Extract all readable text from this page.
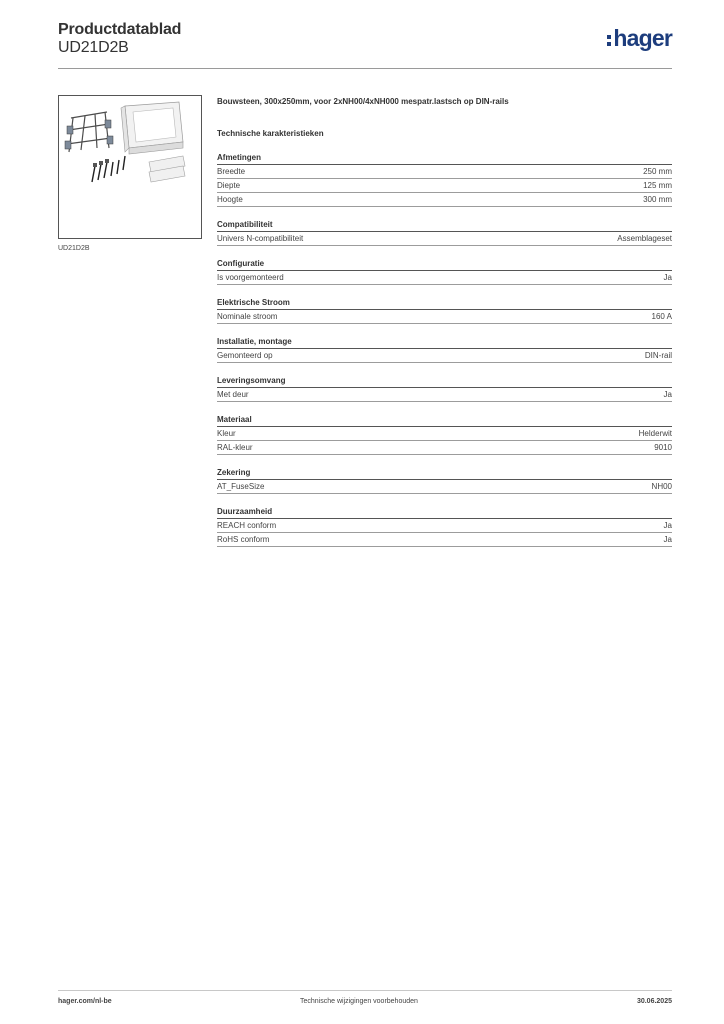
Productdatablad
UD21D2B	hager
UD21D2B
Bouwsteen, 300x250mm, voor 2xNH00/4xNH000 mespatr.lastsch op DIN-rails
Technische karakteristieken
Afmetingen
Breedte	250 mm
Diepte	125 mm
Hoogte	300 mm
Compatibiliteit
Univers N-compatibiliteit	Assemblageset
Configuratie
Is voorgemonteerd	Ja
Elektrische Stroom
Nominale stroom	160 A
Installatie, montage
Gemonteerd op	DIN-rail
Leveringsomvang
Met deur	Ja
Materiaal
Kleur	Helderwit
RAL-kleur	9010
Zekering
AT_FuseSize	NH00
Duurzaamheid
REACH conform	Ja
RoHS conform	Ja
hager.com/nl-be	Technische wijzigingen voorbehouden	30.06.2025
